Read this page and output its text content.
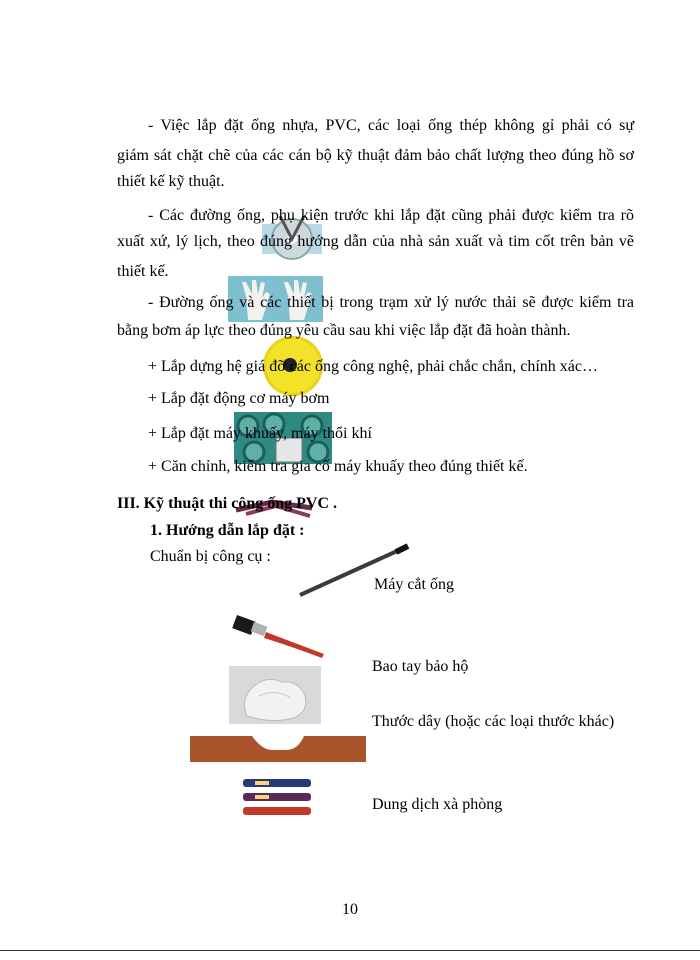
- Việc lắp đặt ống nhựa, PVC, các loại ống thép không gỉ phải có sự
giám sát chặt chẽ của các cán bộ kỹ thuật đảm bảo chất lượng theo đúng hồ sơ
thiết kế kỹ thuật.
- Các đường ống, phụ kiện trước khi lắp đặt cũng phải được kiểm tra rõ
xuất xứ, lý lịch, theo đúng hướng dẫn của nhà sản xuất và tim cốt trên bản vẽ
thiết kế.
- Đường ống và các thiết bị trong trạm xử lý nước thải sẽ được kiểm tra
bằng bơm áp lực theo đúng yêu cầu sau khi việc lắp đặt đã hoàn thành.
+ Lắp dựng hệ giá đỡ các ống công nghệ, phải chắc chắn, chính xác…
+ Lắp đặt động cơ máy bơm
+ Lắp đặt máy khuấy, máy thổi khí
+ Căn chỉnh, kiểm tra gia cố máy khuấy theo đúng thiết kế.
III. Kỹ thuật thi công ống PVC .
1. Hướng dẫn lắp đặt :
Chuẩn bị công cụ :
Máy cắt ống
Bao tay bảo hộ
Thước dây (hoặc các loại thước khác)
Dung dịch xà phòng
10
